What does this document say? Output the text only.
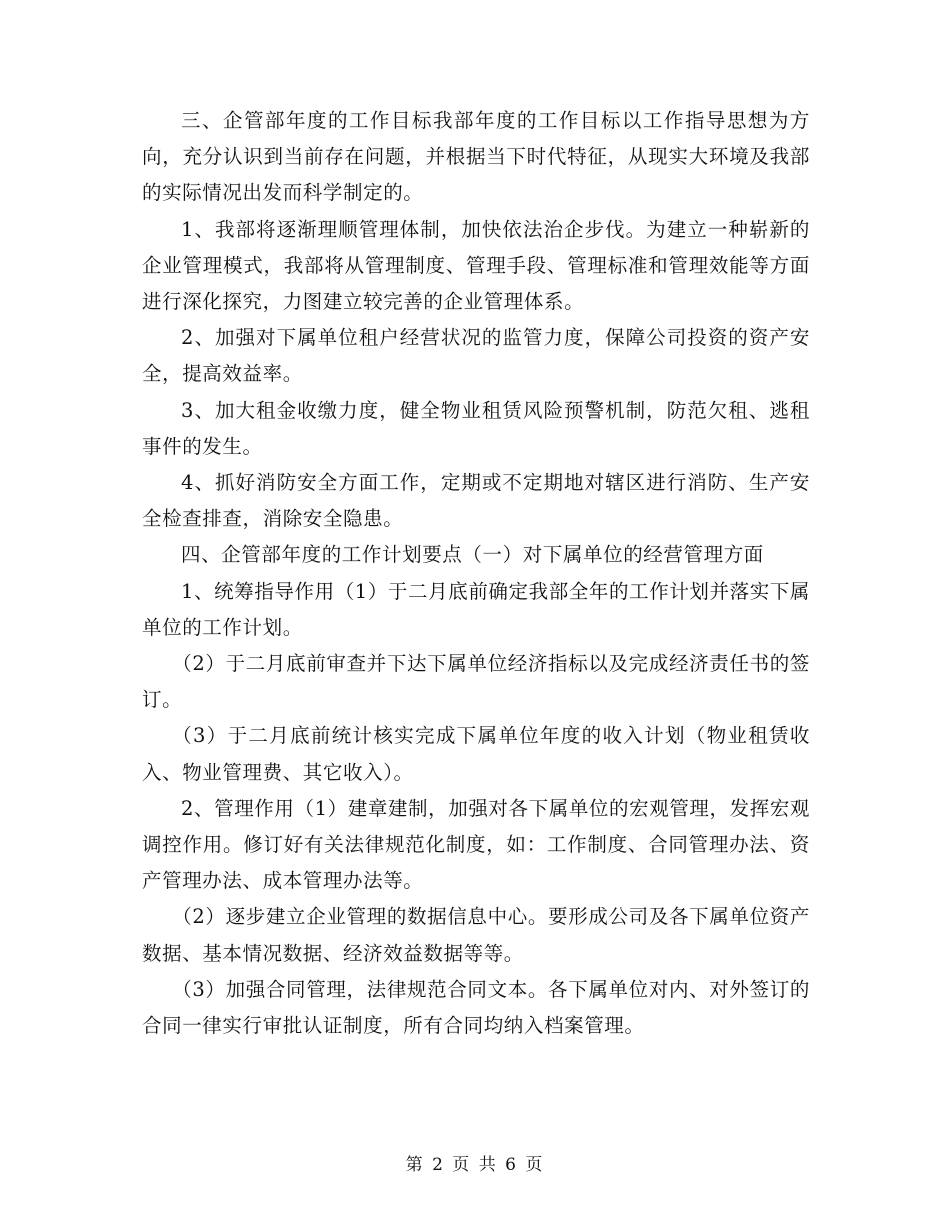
三、企管部年度的工作目标我部年度的工作目标以工作指导思想为方向，充分认识到当前存在问题，并根据当下时代特征，从现实大环境及我部的实际情况出发而科学制定的。

1、我部将逐渐理顺管理体制，加快依法治企步伐。为建立一种崭新的企业管理模式，我部将从管理制度、管理手段、管理标准和管理效能等方面进行深化探究，力图建立较完善的企业管理体系。

2、加强对下属单位租户经营状况的监管力度，保障公司投资的资产安全，提高效益率。

3、加大租金收缴力度，健全物业租赁风险预警机制，防范欠租、逃租事件的发生。

4、抓好消防安全方面工作，定期或不定期地对辖区进行消防、生产安全检查排查，消除安全隐患。

四、企管部年度的工作计划要点（一）对下属单位的经营管理方面

1、统筹指导作用（1）于二月底前确定我部全年的工作计划并落实下属单位的工作计划。

（2）于二月底前审查并下达下属单位经济指标以及完成经济责任书的签订。

（3）于二月底前统计核实完成下属单位年度的收入计划（物业租赁收入、物业管理费、其它收入）。

2、管理作用（1）建章建制，加强对各下属单位的宏观管理，发挥宏观调控作用。修订好有关法律规范化制度，如：工作制度、合同管理办法、资产管理办法、成本管理办法等。

（2）逐步建立企业管理的数据信息中心。要形成公司及各下属单位资产数据、基本情况数据、经济效益数据等等。

（3）加强合同管理，法律规范合同文本。各下属单位对内、对外签订的合同一律实行审批认证制度，所有合同均纳入档案管理。

第 2 页 共 6 页
